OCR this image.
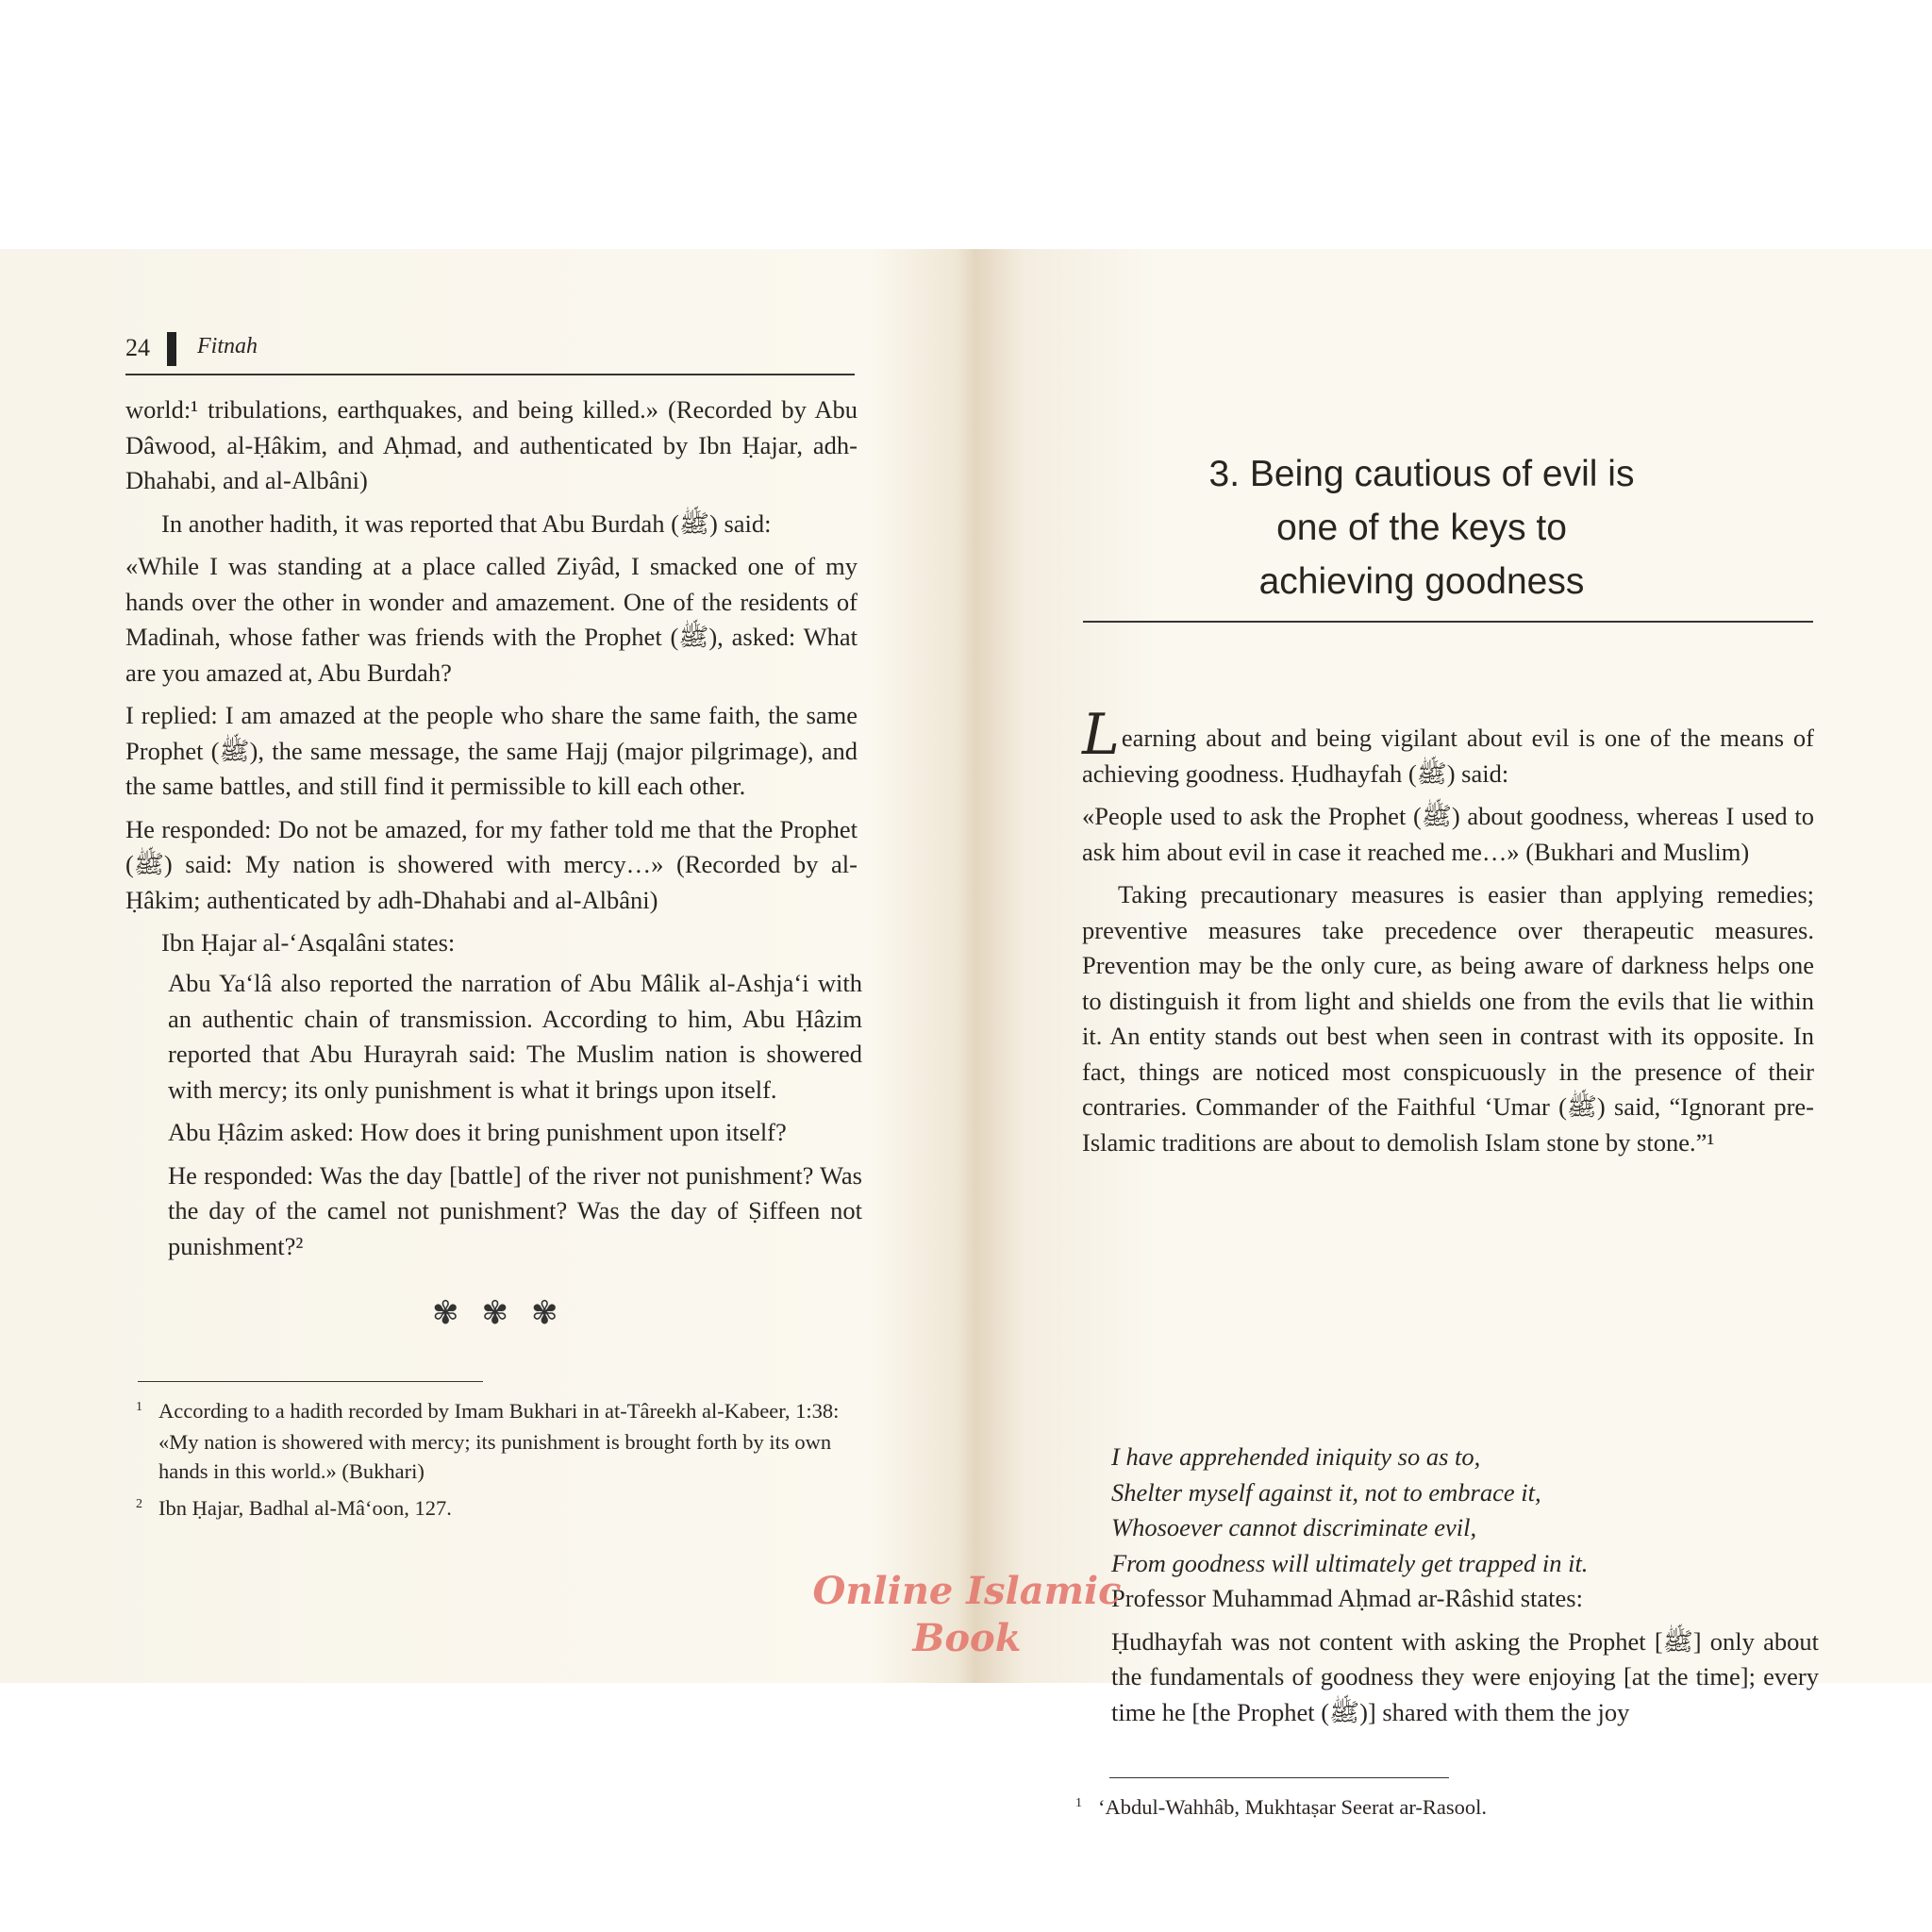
24 Fitnah

world:¹ tribulations, earthquakes, and being killed.» (Recorded by Abu Dâwood, al-Ḥâkim, and Aḥmad, and authenticated by Ibn Ḥajar, adh-Dhahabi, and al-Albâni)

In another hadith, it was reported that Abu Burdah (ﷺ) said:

«While I was standing at a place called Ziyâd, I smacked one of my hands over the other in wonder and amazement. One of the residents of Madinah, whose father was friends with the Prophet (ﷺ), asked: What are you amazed at, Abu Burdah?

I replied: I am amazed at the people who share the same faith, the same Prophet (ﷺ), the same message, the same Hajj (major pilgrimage), and the same battles, and still find it permissible to kill each other.

He responded: Do not be amazed, for my father told me that the Prophet (ﷺ) said: My nation is showered with mercy…» (Recorded by al-Ḥâkim; authenticated by adh-Dhahabi and al-Albâni)

Ibn Ḥajar al-‘Asqalâni states:

Abu Ya‘lâ also reported the narration of Abu Mâlik al-Ashja‘i with an authentic chain of transmission. According to him, Abu Ḥâzim reported that Abu Hurayrah said: The Muslim nation is showered with mercy; its only punishment is what it brings upon itself.

Abu Ḥâzim asked: How does it bring punishment upon itself?

He responded: Was the day [battle] of the river not punishment? Was the day of the camel not punishment? Was the day of Ṣiffeen not punishment?²

✾ ✾ ✾
1 According to a hadith recorded by Imam Bukhari in at-Târeekh al-Kabeer, 1:38:
«My nation is showered with mercy; its punishment is brought forth by its own hands in this world.» (Bukhari)
2 Ibn Ḥajar, Badhal al-Mâ‘oon, 127.
3. Being cautious of evil is
one of the keys to
achieving goodness

Learning about and being vigilant about evil is one of the means of achieving goodness. Ḥudhayfah (ﷺ) said:

«People used to ask the Prophet (ﷺ) about goodness, whereas I used to ask him about evil in case it reached me…» (Bukhari and Muslim)

Taking precautionary measures is easier than applying remedies; preventive measures take precedence over therapeutic measures. Prevention may be the only cure, as being aware of darkness helps one to distinguish it from light and shields one from the evils that lie within it. An entity stands out best when seen in contrast with its opposite. In fact, things are noticed most conspicuously in the presence of their contraries. Commander of the Faithful ‘Umar (ﷺ) said, “Ignorant pre-Islamic traditions are about to demolish Islam stone by stone.”¹

I have apprehended iniquity so as to,
Shelter myself against it, not to embrace it,
Whosoever cannot discriminate evil,
From goodness will ultimately get trapped in it.

Professor Muhammad Aḥmad ar-Râshid states:

Ḥudhayfah was not content with asking the Prophet [ﷺ] only about the fundamentals of goodness they were enjoying [at the time]; every time he [the Prophet (ﷺ)] shared with them the joy

1 ‘Abdul-Wahhâb, Mukhtaṣar Seerat ar-Rasool.
Online Islamic
Book
